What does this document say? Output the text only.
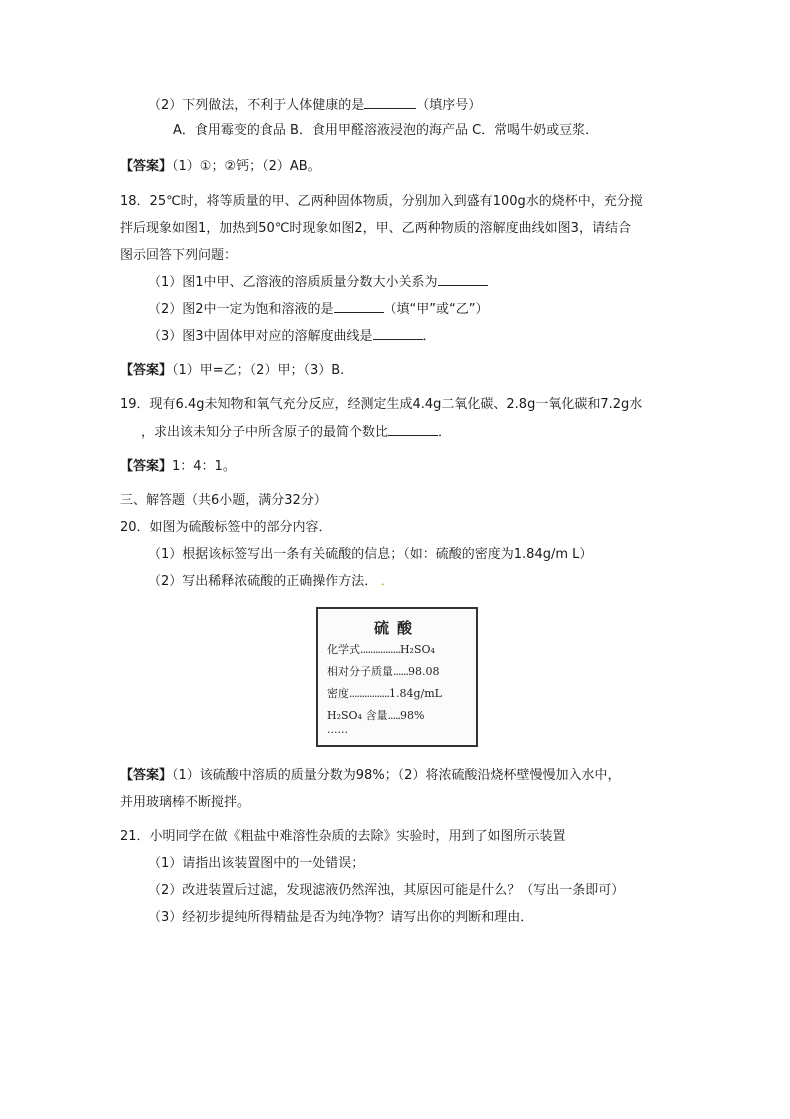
（2）下列做法，不利于人体健康的是	（填序号）
A．食用霉变的食品 B．食用甲醛溶液浸泡的海产品 C．常喝牛奶或豆浆．
【答案】（1）①；②钙；（2）AB。
18．25℃时，将等质量的甲、乙两种固体物质，分别加入到盛有100g水的烧杯中，充分搅
拌后现象如图1，加热到50℃时现象如图2，甲、乙两种物质的溶解度曲线如图3，请结合
图示回答下列问题：
（1）图1中甲、乙溶液的溶质质量分数大小关系为
（2）图2中一定为饱和溶液的是	（填“甲”或“乙”）
（3）图3中固体甲对应的溶解度曲线是	．
【答案】（1）甲=乙；（2）甲；（3）B.
19．现有6.4g未知物和氧气充分反应，经测定生成4.4g二氧化碳、2.8g一氧化碳和7.2g水
，求出该未知分子中所含原子的最简个数比	．
【答案】1：4：1。
三、解答题（共6小题，满分32分）
20．如图为硫酸标签中的部分内容．
（1）根据该标签写出一条有关硫酸的信息；（如：硫酸的密度为1.84g/m L）
（2）写出稀释浓硫酸的正确操作方法． ．
硫酸
化学式................H₂SO₄
相对分子质量......98.08
密度................1.84g/mL
H₂SO₄ 含量.....98%
......
【答案】（1）该硫酸中溶质的质量分数为98%；（2）将浓硫酸沿烧杯壁慢慢加入水中，
并用玻璃棒不断搅拌。
21．小明同学在做《粗盐中难溶性杂质的去除》实验时，用到了如图所示装置
（1）请指出该装置图中的一处错误；
（2）改进装置后过滤，发现滤液仍然浑浊，其原因可能是什么？（写出一条即可）
（3）经初步提纯所得精盐是否为纯净物？请写出你的判断和理由．
